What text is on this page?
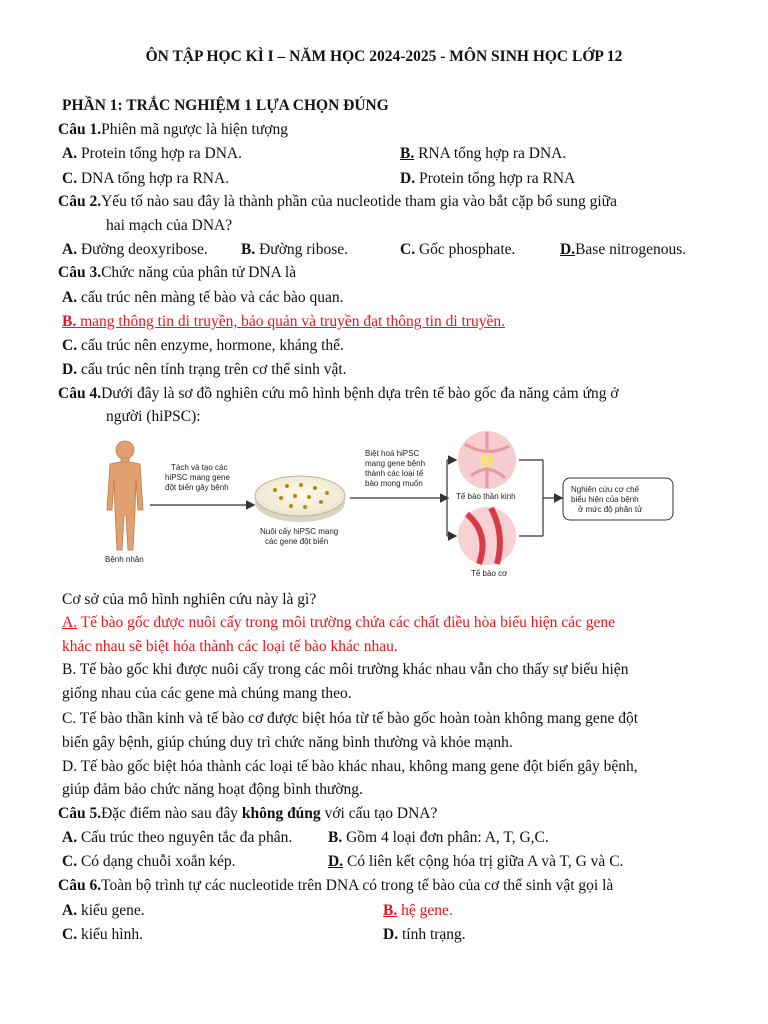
ÔN TẬP HỌC KÌ I – NĂM HỌC 2024-2025 - MÔN SINH HỌC LỚP 12
PHẦN 1: TRẮC NGHIỆM 1 LỰA CHỌN ĐÚNG
Câu 1.Phiên mã ngược là hiện tượng
A. Protein tổng hợp ra DNA.	B. RNA tổng hợp ra DNA.
C. DNA tổng hợp ra RNA.	D. Protein tổng hợp ra RNA
Câu 2.Yếu tố nào sau đây là thành phần của nucleotide tham gia vào bắt cặp bổ sung giữa
hai mạch của DNA?
A. Đường deoxyribose. B. Đường ribose.	C. Gốc phosphate.	D.Base nitrogenous.
Câu 3.Chức năng của phân tử DNA là
A. cấu trúc nên màng tế bào và các bào quan.
B. mang thông tin di truyền, bảo quản và truyền đạt thông tin di truyền.
C. cấu trúc nên enzyme, hormone, kháng thể.
D. cấu trúc nên tính trạng trên cơ thể sinh vật.
Câu 4.Dưới đây là sơ đồ nghiên cứu mô hình bệnh dựa trên tế bào gốc đa năng cảm ứng ở
người (hiPSC):
Bệnh nhân
Tách và tạo các
hiPSC mang gene
đột biến gây bệnh
Nuôi cấy hiPSC mang
các gene đột biến
Biệt hoá hiPSC
mang gene bệnh
thành các loại tế
bào mong muốn
Tế bào thần kinh
Tế bào cơ
Nghiên cứu cơ chế
biểu hiện của bệnh
ở mức độ phân tử
Cơ sở của mô hình nghiên cứu này là gì?
A. Tế bào gốc được nuôi cấy trong môi trường chứa các chất điều hòa biểu hiện các gene
khác nhau sẽ biệt hóa thành các loại tế bào khác nhau.
B. Tế bào gốc khi được nuôi cấy trong các môi trường khác nhau vẫn cho thấy sự biểu hiện
giống nhau của các gene mà chúng mang theo.
C. Tế bào thần kinh và tế bào cơ được biệt hóa từ tế bào gốc hoàn toàn không mang gene đột
biến gây bệnh, giúp chúng duy trì chức năng bình thường và khỏe mạnh.
D. Tế bào gốc biệt hóa thành các loại tế bào khác nhau, không mang gene đột biến gây bệnh,
giúp đảm bảo chức năng hoạt động bình thường.
Câu 5.Đặc điểm nào sau đây không đúng với cấu tạo DNA?
A. Cấu trúc theo nguyên tắc đa phân. B. Gồm 4 loại đơn phân: A, T, G,C.
C. Có dạng chuỗi xoắn kép.	D. Có liên kết cộng hóa trị giữa A và T, G và C.
Câu 6.Toàn bộ trình tự các nucleotide trên DNA có trong tế bào của cơ thể sinh vật gọi là
A. kiểu gene.	B. hệ gene.
C. kiểu hình.	D. tính trạng.
